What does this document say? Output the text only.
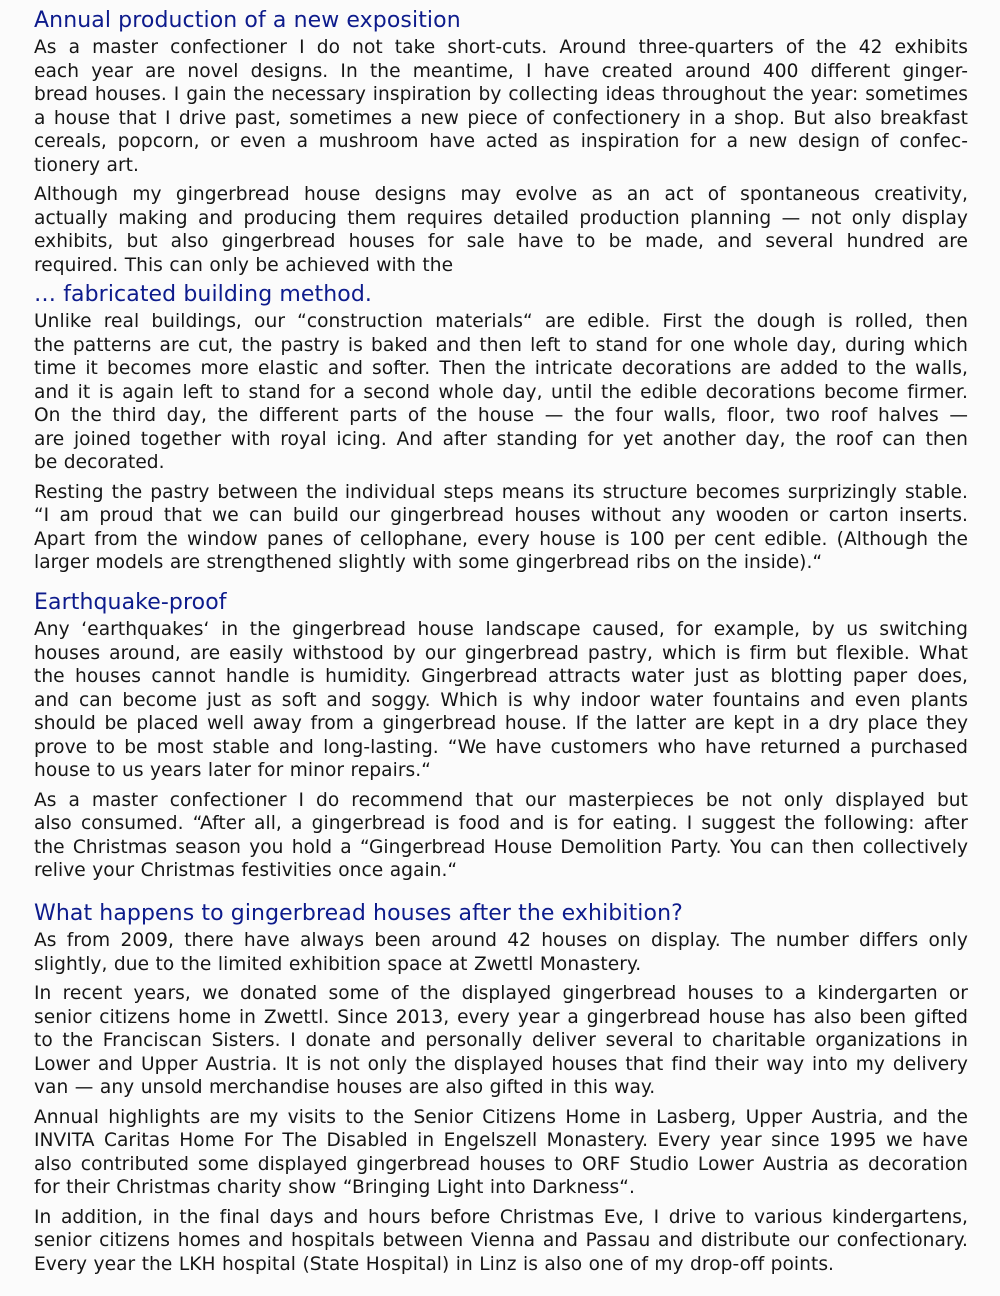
Annual production of a new exposition
As a master confectioner I do not take short-cuts. Around three-quarters of the 42 exhibits
each year are novel designs. In the meantime, I have created around 400 different ginger-
bread houses. I gain the necessary inspiration by collecting ideas throughout the year: sometimes
a house that I drive past, sometimes a new piece of confectionery in a shop. But also breakfast
cereals, popcorn, or even a mushroom have acted as inspiration for a new design of confec-
tionery art.
Although my gingerbread house designs may evolve as an act of spontaneous creativity,
actually making and producing them requires detailed production planning — not only display
exhibits, but also gingerbread houses for sale have to be made, and several hundred are
required. This can only be achieved with the
… fabricated building method.
Unlike real buildings, our “construction materials“ are edible. First the dough is rolled, then
the patterns are cut, the pastry is baked and then left to stand for one whole day, during which
time it becomes more elastic and softer. Then the intricate decorations are added to the walls,
and it is again left to stand for a second whole day, until the edible decorations become firmer.
On the third day, the different parts of the house — the four walls, floor, two roof halves —
are joined together with royal icing. And after standing for yet another day, the roof can then
be decorated.
Resting the pastry between the individual steps means its structure becomes surprizingly stable.
“I am proud that we can build our gingerbread houses without any wooden or carton inserts.
Apart from the window panes of cellophane, every house is 100 per cent edible. (Although the
larger models are strengthened slightly with some gingerbread ribs on the inside).“
Earthquake-proof
Any ‘earthquakes‘ in the gingerbread house landscape caused, for example, by us switching
houses around, are easily withstood by our gingerbread pastry, which is firm but flexible. What
the houses cannot handle is humidity. Gingerbread attracts water just as blotting paper does,
and can become just as soft and soggy. Which is why indoor water fountains and even plants
should be placed well away from a gingerbread house. If the latter are kept in a dry place they
prove to be most stable and long-lasting. “We have customers who have returned a purchased
house to us years later for minor repairs.“
As a master confectioner I do recommend that our masterpieces be not only displayed but
also consumed. “After all, a gingerbread is food and is for eating. I suggest the following: after
the Christmas season you hold a “Gingerbread House Demolition Party. You can then collectively
relive your Christmas festivities once again.“
What happens to gingerbread houses after the exhibition?
As from 2009, there have always been around 42 houses on display. The number differs only
slightly, due to the limited exhibition space at Zwettl Monastery.
In recent years, we donated some of the displayed gingerbread houses to a kindergarten or
senior citizens home in Zwettl. Since 2013, every year a gingerbread house has also been gifted
to the Franciscan Sisters. I donate and personally deliver several to charitable organizations in
Lower and Upper Austria. It is not only the displayed houses that find their way into my delivery
van — any unsold merchandise houses are also gifted in this way.
Annual highlights are my visits to the Senior Citizens Home in Lasberg, Upper Austria, and the
INVITA Caritas Home For The Disabled in Engelszell Monastery. Every year since 1995 we have
also contributed some displayed gingerbread houses to ORF Studio Lower Austria as decoration
for their Christmas charity show “Bringing Light into Darkness“.
In addition, in the final days and hours before Christmas Eve, I drive to various kindergartens,
senior citizens homes and hospitals between Vienna and Passau and distribute our confectionary.
Every year the LKH hospital (State Hospital) in Linz is also one of my drop-off points.
